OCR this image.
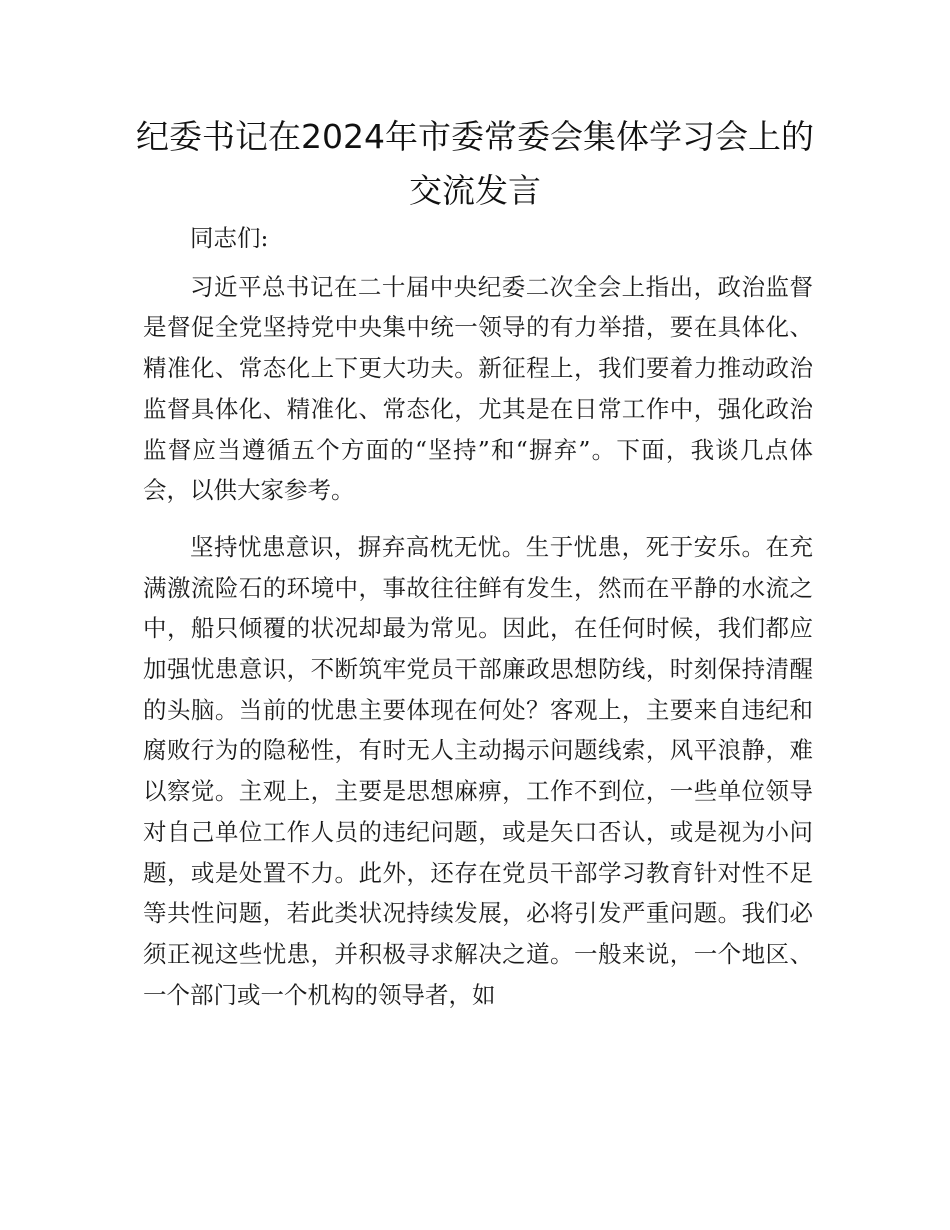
纪委书记在2024年市委常委会集体学习会上的
交流发言

同志们:

习近平总书记在二十届中央纪委二次全会上指出，政治监督是督促全党坚持党中央集中统一领导的有力举措，要在具体化、精准化、常态化上下更大功夫。新征程上，我们要着力推动政治监督具体化、精准化、常态化，尤其是在日常工作中，强化政治监督应当遵循五个方面的“坚持”和“摒弃”。下面，我谈几点体会，以供大家参考。

坚持忧患意识，摒弃高枕无忧。生于忧患，死于安乐。在充满激流险石的环境中，事故往往鲜有发生，然而在平静的水流之中，船只倾覆的状况却最为常见。因此，在任何时候，我们都应加强忧患意识，不断筑牢党员干部廉政思想防线，时刻保持清醒的头脑。当前的忧患主要体现在何处？客观上，主要来自违纪和腐败行为的隐秘性，有时无人主动揭示问题线索，风平浪静，难以察觉。主观上，主要是思想麻痹，工作不到位，一些单位领导对自己单位工作人员的违纪问题，或是矢口否认，或是视为小问题，或是处置不力。此外，还存在党员干部学习教育针对性不足等共性问题，若此类状况持续发展，必将引发严重问题。我们必须正视这些忧患，并积极寻求解决之道。一般来说，一个地区、一个部门或一个机构的领导者，如
